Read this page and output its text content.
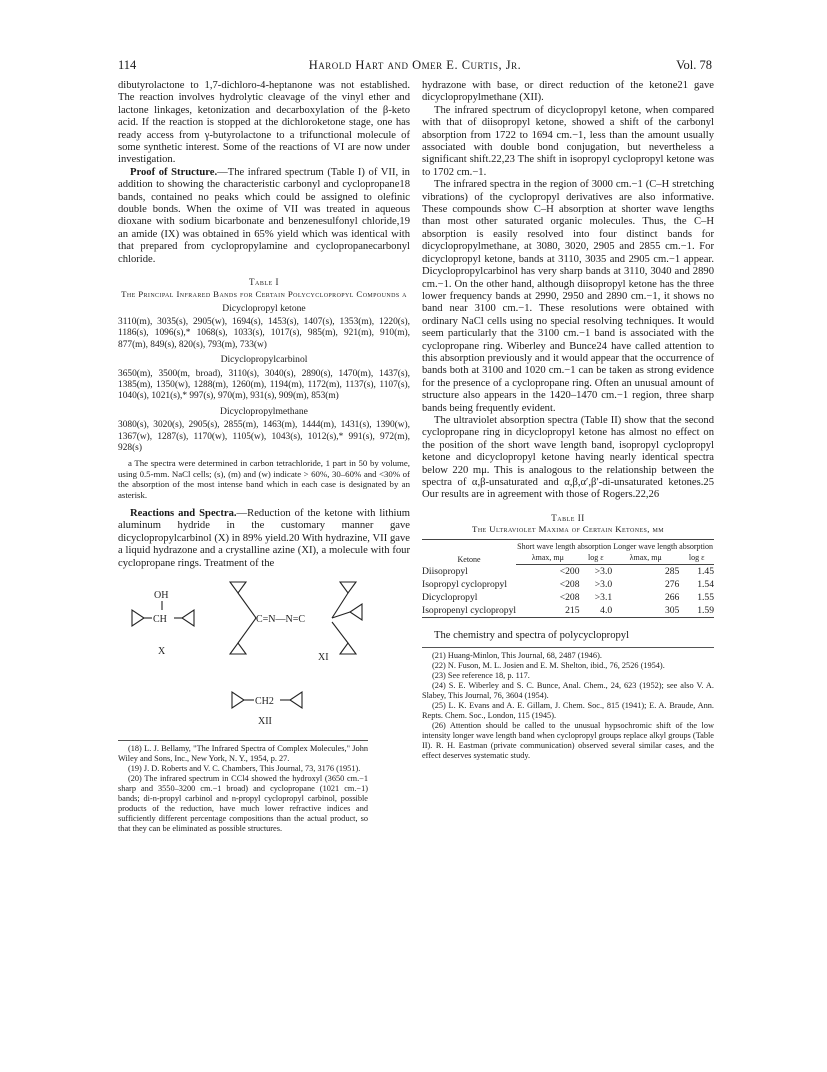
114	Harold Hart and Omer E. Curtis, Jr.	Vol. 78

dibutyrolactone to 1,7-dichloro-4-heptanone was not established. The reaction involves hydrolytic cleavage of the vinyl ether and lactone linkages, ketonization and decarboxylation of the β-keto acid. If the reaction is stopped at the dichloroketone stage, one has ready access from γ-butyrolactone to a trifunctional molecule of some synthetic interest. Some of the reactions of VI are now under investigation.

Proof of Structure.—The infrared spectrum (Table I) of VII, in addition to showing the characteristic carbonyl and cyclopropane18 bands, contained no peaks which could be assigned to olefinic double bonds. When the oxime of VII was treated in aqueous dioxane with sodium bicarbonate and benzenesulfonyl chloride,19 an amide (IX) was obtained in 65% yield which was identical with that prepared from cyclopropylamine and cyclopropanecarbonyl chloride.

Table I
The Principal Infrared Bands for Certain Polycyclopropyl Compounds a
Dicyclopropyl ketone
3110(m), 3035(s), 2905(w), 1694(s), 1453(s), 1407(s), 1353(m), 1220(s), 1186(s), 1096(s),* 1068(s), 1033(s), 1017(s), 985(m), 921(m), 910(m), 877(m), 849(s), 820(s), 793(m), 733(w)
Dicyclopropylcarbinol
3650(m), 3500(m, broad), 3110(s), 3040(s), 2890(s), 1470(m), 1437(s), 1385(m), 1350(w), 1288(m), 1260(m), 1194(m), 1172(m), 1137(s), 1107(s), 1040(s), 1021(s),* 997(s), 970(m), 931(s), 909(m), 853(m)
Dicyclopropylmethane
3080(s), 3020(s), 2905(s), 2855(m), 1463(m), 1444(m), 1431(s), 1390(w), 1367(w), 1287(s), 1170(w), 1105(w), 1043(s), 1012(s),* 991(s), 972(m), 928(s)
a The spectra were determined in carbon tetrachloride, 1 part in 50 by volume, using 0.5-mm. NaCl cells; (s), (m) and (w) indicate > 60%, 30–60% and <30% of the absorption of the most intense band which in each case is designated by an asterisk.

Reactions and Spectra.—Reduction of the ketone with lithium aluminum hydride in the customary manner gave dicyclopropylcarbinol (X) in 89% yield.20 With hydrazine, VII gave a liquid hydrazone and a crystalline azine (XI), a molecule with four cyclopropane rings. Treatment of the

OH
CH
X
C=N—N=C
XI
CH2
XII
(18) L. J. Bellamy, "The Infrared Spectra of Complex Molecules," John Wiley and Sons, Inc., New York, N. Y., 1954, p. 27.
(19) J. D. Roberts and V. C. Chambers, This Journal, 73, 3176 (1951).
(20) The infrared spectrum in CCl4 showed the hydroxyl (3650 cm.−1 sharp and 3550–3200 cm.−1 broad) and cyclopropane (1021 cm.−1) bands; di-n-propyl carbinol and n-propyl cyclopropyl carbinol, possible products of the reduction, have much lower refractive indices and sufficiently different percentage compositions than the actual product, so that they can be eliminated as possible structures.

hydrazone with base, or direct reduction of the ketone21 gave dicyclopropylmethane (XII).

The infrared spectrum of dicyclopropyl ketone, when compared with that of diisopropyl ketone, showed a shift of the carbonyl absorption from 1722 to 1694 cm.−1, less than the amount usually associated with double bond conjugation, but nevertheless a significant shift.22,23 The shift in isopropyl cyclopropyl ketone was to 1702 cm.−1.

The infrared spectra in the region of 3000 cm.−1 (C–H stretching vibrations) of the cyclopropyl derivatives are also informative. These compounds show C–H absorption at shorter wave lengths than most other saturated organic molecules. Thus, the C–H absorption is easily resolved into four distinct bands for dicyclopropylmethane, at 3080, 3020, 2905 and 2855 cm.−1. For dicyclopropyl ketone, bands at 3110, 3035 and 2905 cm.−1 appear. Dicyclopropylcarbinol has very sharp bands at 3110, 3040 and 2890 cm.−1. On the other hand, although diisopropyl ketone has the three lower frequency bands at 2990, 2950 and 2890 cm.−1, it shows no band near 3100 cm.−1. These resolutions were obtained with ordinary NaCl cells using no special resolving techniques. It would seem particularly that the 3100 cm.−1 band is associated with the cyclopropane ring. Wiberley and Bunce24 have called attention to this absorption previously and it would appear that the occurrence of bands both at 3100 and 1020 cm.−1 can be taken as strong evidence for the presence of a cyclopropane ring. Often an unusual amount of structure also appears in the 1420–1470 cm.−1 region, three sharp bands being frequently evident.

The ultraviolet absorption spectra (Table II) show that the second cyclopropane ring in dicyclopropyl ketone has almost no effect on the position of the short wave length band, isopropyl cyclopropyl ketone and dicyclopropyl ketone having nearly identical spectra below 220 mμ. This is analogous to the relationship between the spectra of α,β-unsaturated and α,β,α′,β′-di-unsaturated ketones.25 Our results are in agreement with those of Rogers.22,26

Table II
The Ultraviolet Maxima of Certain Ketones, mμ
Ketone	Short wave length absorption		Longer wave length absorption	
	λmax, mμ	log ε	λmax, mμ	log ε
Diisopropyl	<200	>3.0	285	1.45
Isopropyl cyclopropyl	<208	>3.0	276	1.54
Dicyclopropyl	<208	>3.1	266	1.55
Isopropenyl cyclopropyl	215	4.0	305	1.59

The chemistry and spectra of polycyclopropyl

(21) Huang-Minlon, This Journal, 68, 2487 (1946).
(22) N. Fuson, M. L. Josien and E. M. Shelton, ibid., 76, 2526 (1954).
(23) See reference 18, p. 117.
(24) S. E. Wiberley and S. C. Bunce, Anal. Chem., 24, 623 (1952); see also V. A. Slabey, This Journal, 76, 3604 (1954).
(25) L. K. Evans and A. E. Gillam, J. Chem. Soc., 815 (1941); E. A. Braude, Ann. Repts. Chem. Soc., London, 115 (1945).
(26) Attention should be called to the unusual hypsochromic shift of the low intensity longer wave length band when cyclopropyl groups replace alkyl groups (Table II). R. H. Eastman (private communication) observed several similar cases, and the effect deserves systematic study.
